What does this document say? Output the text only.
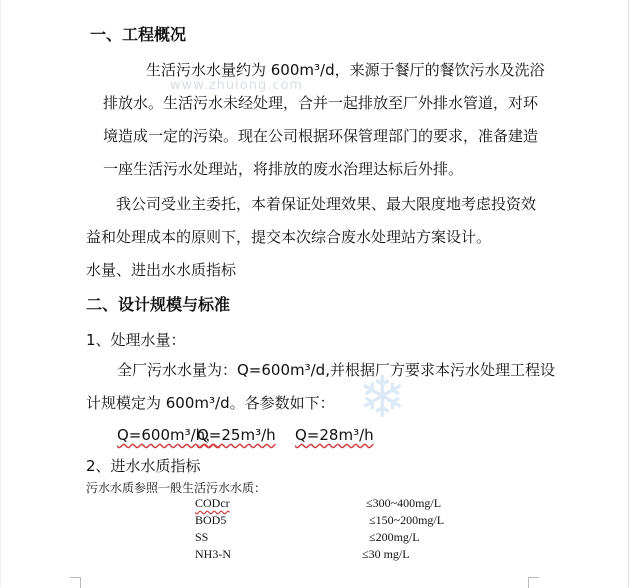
www.zhulong.com
❄
一、工程概况
生活污水水量约为 600m³/d，来源于餐厅的餐饮污水及洗浴
排放水。生活污水未经处理，合并一起排放至厂外排水管道，对环
境造成一定的污染。现在公司根据环保管理部门的要求，准备建造
一座生活污水处理站，将排放的废水治理达标后外排。
我公司受业主委托，本着保证处理效果、最大限度地考虑投资效
益和处理成本的原则下，提交本次综合废水处理站方案设计。
水量、进出水水质指标
二、设计规模与标准
1、处理水量：
全厂污水水量为：Q=600m³/d,并根据厂方要求本污水处理工程设
计规模定为 600m³/d。各参数如下：
Q=600m³/h，
Q=25m³/h Q=28m³/h
2、进水水质指标
污水水质参照一般生活污水水质：
CODcr	≤300~400mg/L
BOD5	≤150~200mg/L
SS	≤200mg/L
NH3-N	≤30 mg/L
